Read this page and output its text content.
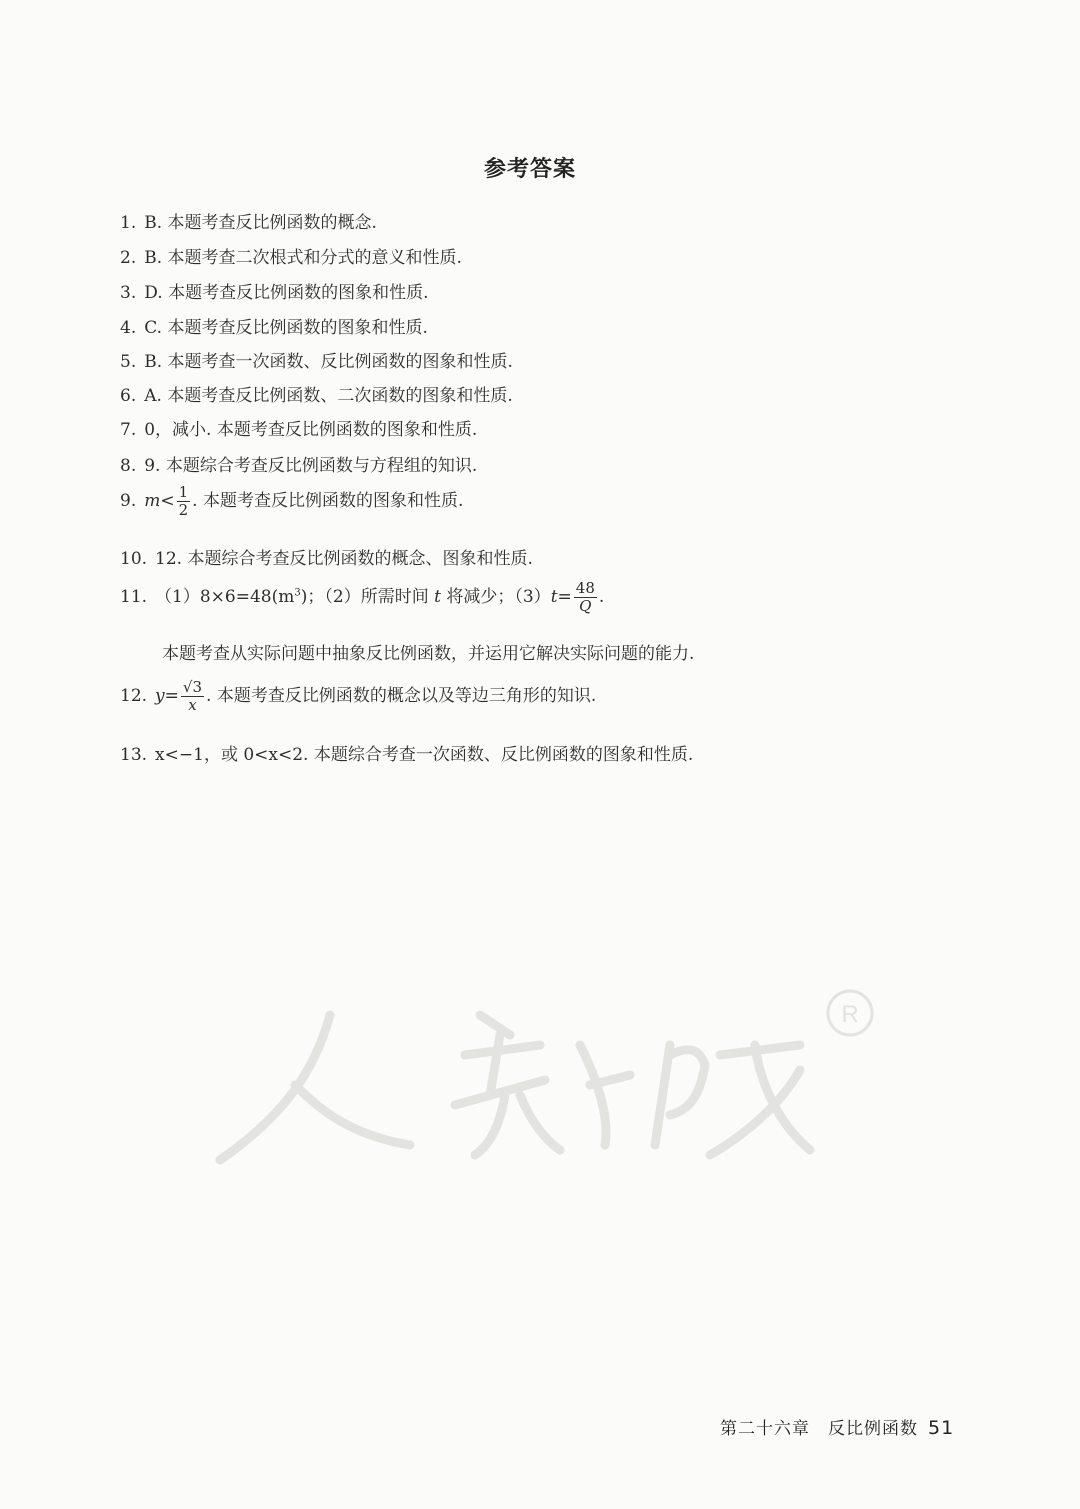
参考答案
1. B. 本题考查反比例函数的概念.
2. B. 本题考查二次根式和分式的意义和性质.
3. D. 本题考查反比例函数的图象和性质.
4. C. 本题考查反比例函数的图象和性质.
5. B. 本题考查一次函数、反比例函数的图象和性质.
6. A. 本题考查反比例函数、二次函数的图象和性质.
7. 0，减小. 本题考查反比例函数的图象和性质.
8. 9. 本题综合考查反比例函数与方程组的知识.
9. $m< \frac{1}{2}$ . 本题考查反比例函数的图象和性质.
10. 12. 本题综合考查反比例函数的概念、图象和性质.
11. $(1)8\times 6=48(m^3)$；（2）所需时间 t 将减少；$(3)t= \frac{48}{Q}$ .
本题考查从实际问题中抽象反比例函数，并运用它解决实际问题的能力.
12. $y= \frac{√3}{x}$ . 本题考查反比例函数的概念以及等边三角形的知识.
13. x<−1，或 0<x<2. 本题综合考查一次函数、反比例函数的图象和性质.
R
第二十六章　反比例函数 51
